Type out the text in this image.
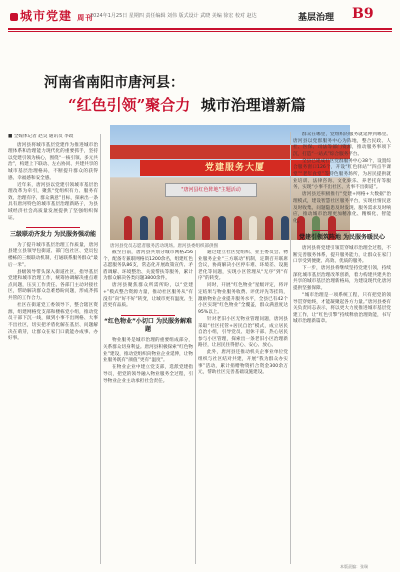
城市党建 周刊
2024年1月25日 星期四 责任编辑 刘伟 版式设计 武晓 美编 徐宏 校对 赵达	基层治理 B9
河南省南阳市唐河县：
“红色引领”聚合力 城市治理谱新篇
党建服务大厦
"唐河县红色阵地"主题活动
唐河县党员志愿者服务活动现场。唐河县委组织部供图
■ 全媒体记者 赵昊 通讯员 李政

唐河县将城市基层党建作为推进城市治理体系和治理能力现代化的重要抓手，坚持以党建引领为核心，围绕“一核引领、多元共治”，构建上下联动、左右协同、共建共享的城市基层治理格局，不断提升群众的获得感、幸福感和安全感。

近年来，唐河县以党建引领城市基层治理改革为牵引，聚焦“党组织有力、服务有效、治理有序、群众满意”目标，探索出一条具有唐河特色的城市基层治理新路子，为县域经济社会高质量发展提供了坚强组织保证。

三级联动齐发力 为民服务强动能

为了提升城市基层治理工作质量，唐河县建立县领导包街道、部门包社区、党员包楼栋的三级联动机制，打通联系服务群众“最后一米”。

县级领导带头深入街道社区，指导基层党建和城市治理工作，统筹协调解决重点难点问题，压实工作责任。各部门主动对接社区，帮助解决群众急难愁盼问题，形成齐抓共管的工作合力。

社区在街道党工委领导下，整合辖区资源，组建网格党支部和楼栋党小组，推动党员干部下沉一线，做到小事不出网格、大事不出社区，切实把矛盾化解在基层、问题解决在萌芽，让群众在家门口就能办成事、办好事。

截至目前，唐河县共划分城市网格256个，配备专兼职网格员1200余名，组建红色志愿服务队86支，常态化开展政策宣传、矛盾调解、环境整治、关爱帮扶等服务，累计为群众解决各类问题3800余件。

唐河县聚焦群众所需所盼，以“党建+”模式整合资源力量，推动社区服务从“有没有”向“好不好”转变，让城市更有温度、生活更有品质。

“红色物业”小切口 为民服务解难题

物业服务是城市治理的重要组成部分，关系群众切身利益。唐河县积极探索“红色物业”建设，推动党组织向物业企业延伸，让物业服务既有“颜值”更有“温度”。

在物业企业中建立党支部，选派党建指导员，把党的领导融入物业服务全过程，引导物业企业主动承担社会责任。

通过建立社区党组织、业主委员会、物业服务企业“三方联动”机制，定期召开联席会议，协商解决小区停车难、环境差、设施老化等问题，实现小区管理从“无序”到“有序”的转变。

同时，开展“红色物业”星级评定，将评定结果与物业服务收费、评优评先等挂钩，激励物业企业提升服务水平，全县已有42个小区实现“红色物业”全覆盖，群众满意度达95%以上。

针对老旧小区无物业管理问题，唐河县采取“社区托管+居民自治”模式，成立居民自治小组，引导党员、退休干部、热心居民参与小区管理，探索出一条老旧小区治理新路径，让居民住得舒心、安心、放心。

此外，唐河县还推动机关企事业单位党组织与社区结对共建，开展“我为群众办实事”活动，累计捐赠物资折合资金300余万元，帮助社区完善基础设施建设。

群众在哪里，党组织的服务就延伸到哪里。唐河县以党群服务中心为阵地，整合民政、人社、医保、司法等部门资源，推动服务事项下沉，打造“一站式”综合服务平台。

全县已建成社区党群服务中心38个，设置综合服务窗口126个，开设“红色驿站”“四点半课堂”“老年食堂”等特色服务场所，为居民提供就业培训、法律咨询、文化娱乐、养老托育等服务，实现“小事不出社区、大事不出街道”。

唐河县还积极推行“党建+网格+大数据”治理模式，建设智慧社区服务平台，实现社情民意及时收集、问题隐患及时发现、服务需求及时响应，推动城市治理更加精准化、精细化、智能化。

党建引领筑阵地 为民服务暖民心

唐河县将党建引领贯穿城市治理全过程，不断完善服务体系，提升服务能力，让群众在家门口享受到便捷、高效、优质的服务。

下一步，唐河县将继续坚持党建引领，持续深化城市基层治理改革创新，着力构建共建共治共享的城市基层治理新格局，为建设现代化唐河提供坚强保障。

“城市治理是一项系统工程，只有把党的领导贯穿始终，才能凝聚起各方力量。”唐河县委有关负责同志表示，将以更大力度推进城市基层党建工作，让“红色引擎”持续释放治理效能，书写城市治理新篇章。

本版责编：张瑞
